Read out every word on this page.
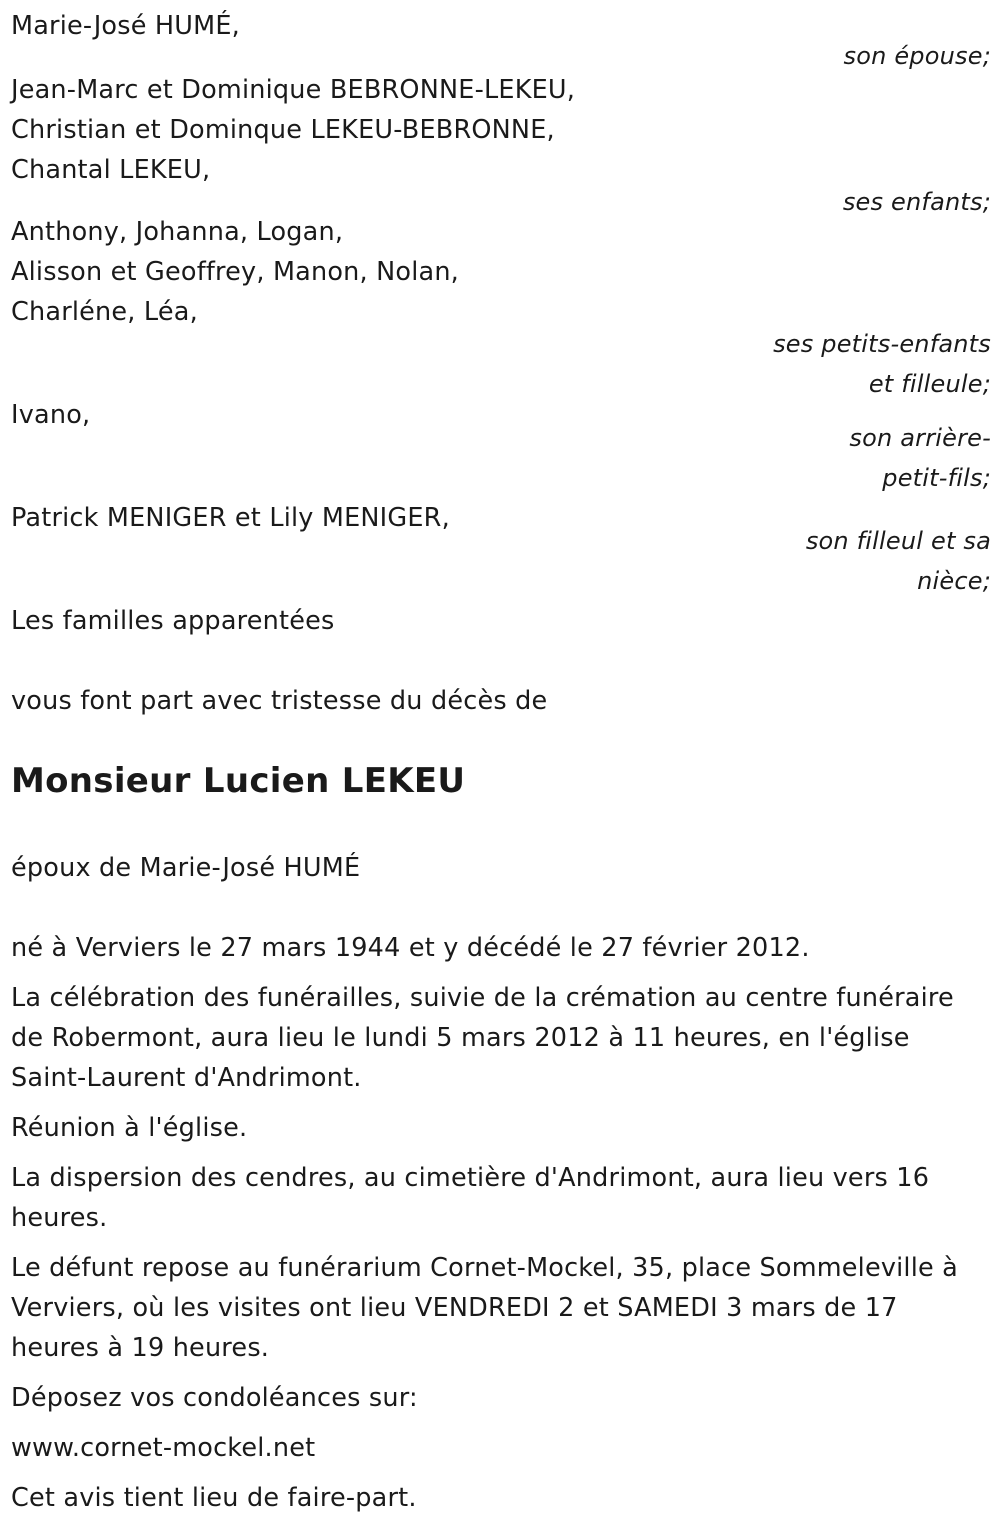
Marie-José HUMÉ,
son épouse;
Jean-Marc et Dominique BEBRONNE-LEKEU,
Christian et Dominque LEKEU-BEBRONNE,
Chantal LEKEU,
ses enfants;
Anthony, Johanna, Logan,
Alisson et Geoffrey, Manon, Nolan,
Charléne, Léa,
ses petits-enfants
et filleule;
Ivano,
son arrière-
petit-fils;
Patrick MENIGER et Lily MENIGER,
son filleul et sa
nièce;
Les familles apparentées
vous font part avec tristesse du décès de
Monsieur Lucien LEKEU
époux de Marie-José HUMÉ
né à Verviers le 27 mars 1944 et y décédé le 27 février 2012.
La célébration des funérailles, suivie de la crémation au centre funéraire
de Robermont, aura lieu le lundi 5 mars 2012 à 11 heures, en l'église
Saint-Laurent d'Andrimont.
Réunion à l'église.
La dispersion des cendres, au cimetière d'Andrimont, aura lieu vers 16
heures.
Le défunt repose au funérarium Cornet-Mockel, 35, place Sommeleville à
Verviers, où les visites ont lieu VENDREDI 2 et SAMEDI 3 mars de 17
heures à 19 heures.
Déposez vos condoléances sur:
www.cornet-mockel.net
Cet avis tient lieu de faire-part.
